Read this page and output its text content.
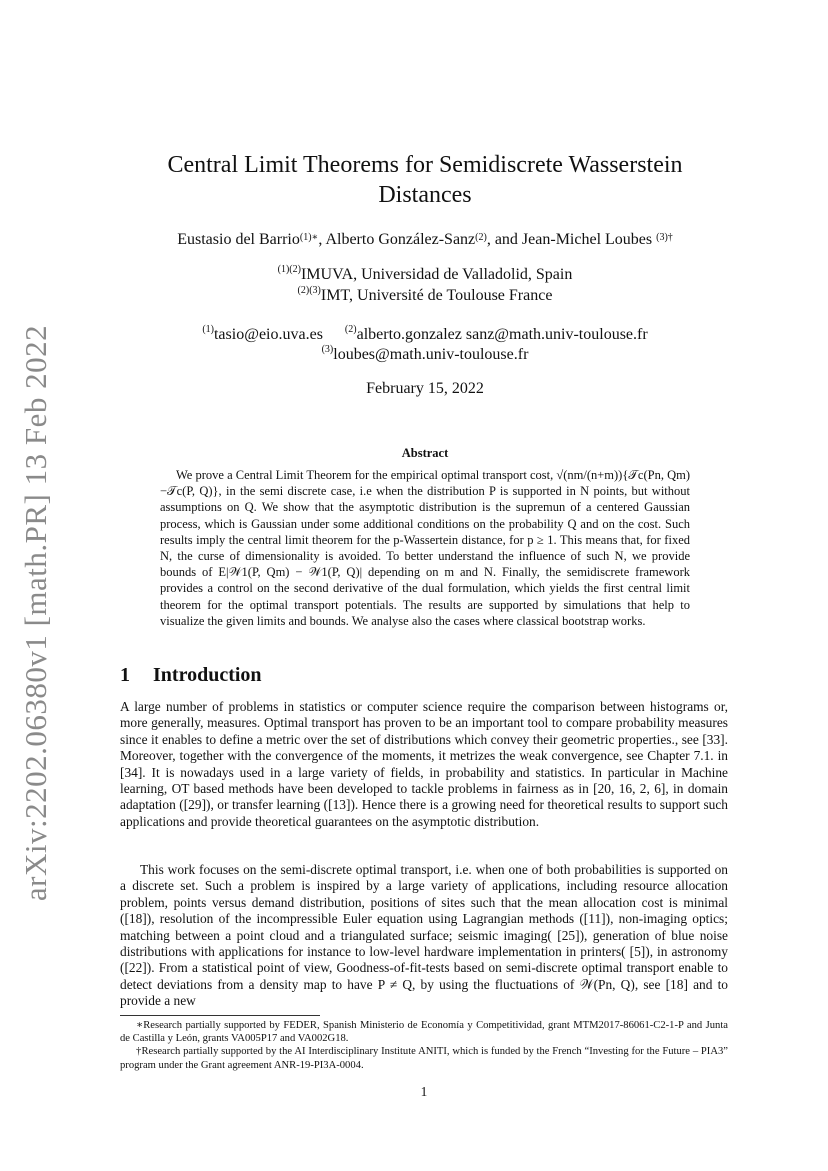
arXiv:2202.06380v1 [math.PR] 13 Feb 2022
Central Limit Theorems for Semidiscrete Wasserstein
Distances
Eustasio del Barrio$^{(1)∗}$, Alberto González-Sanz$^{(2)}$, and Jean-Michel Loubes $^{(3)\dagger}$
$^{(1)(2)}$IMUVA, Universidad de Valladolid, Spain
$^{(2)(3)}$IMT, Université de Toulouse France
$^{(1)}$tasio@eio.uva.es $^{(2)}$alberto.gonzalez sanz@math.univ-toulouse.fr
$^{(3)}$loubes@math.univ-toulouse.fr
February 15, 2022
Abstract
We prove a Central Limit Theorem for the empirical optimal transport cost, √(nm/(n+m)){𝒯c(Pn, Qm)−𝒯c(P, Q)}, in the semi discrete case, i.e when the distribution P is supported in N points, but without assumptions on Q. We show that the asymptotic distribution is the supremun of a centered Gaussian process, which is Gaussian under some additional conditions on the probability Q and on the cost. Such results imply the central limit theorem for the p-Wassertein distance, for p ≥ 1. This means that, for fixed N, the curse of dimensionality is avoided. To better understand the influence of such N, we provide bounds of E|𝒲1(P, Qm) − 𝒲1(P, Q)| depending on m and N. Finally, the semidiscrete framework provides a control on the second derivative of the dual formulation, which yields the first central limit theorem for the optimal transport potentials. The results are supported by simulations that help to visualize the given limits and bounds. We analyse also the cases where classical bootstrap works.
1 Introduction
A large number of problems in statistics or computer science require the comparison between histograms or, more generally, measures. Optimal transport has proven to be an important tool to compare probability measures since it enables to define a metric over the set of distributions which convey their geometric properties., see [33]. Moreover, together with the convergence of the moments, it metrizes the weak convergence, see Chapter 7.1. in [34]. It is nowadays used in a large variety of fields, in probability and statistics. In particular in Machine learning, OT based methods have been developed to tackle problems in fairness as in [20, 16, 2, 6], in domain adaptation ([29]), or transfer learning ([13]). Hence there is a growing need for theoretical results to support such applications and provide theoretical guarantees on the asymptotic distribution.
This work focuses on the semi-discrete optimal transport, i.e. when one of both probabilities is supported on a discrete set. Such a problem is inspired by a large variety of applications, including resource allocation problem, points versus demand distribution, positions of sites such that the mean allocation cost is minimal ([18]), resolution of the incompressible Euler equation using Lagrangian methods ([11]), non-imaging optics; matching between a point cloud and a triangulated surface; seismic imaging( [25]), generation of blue noise distributions with applications for instance to low-level hardware implementation in printers( [5]), in astronomy ([22]). From a statistical point of view, Goodness-of-fit-tests based on semi-discrete optimal transport enable to detect deviations from a density map to have P ≠ Q, by using the fluctuations of 𝒲(Pn, Q), see [18] and to provide a new

∗Research partially supported by FEDER, Spanish Ministerio de Economía y Competitividad, grant MTM2017-86061-C2-1-P and Junta de Castilla y León, grants VA005P17 and VA002G18.

†Research partially supported by the AI Interdisciplinary Institute ANITI, which is funded by the French “Investing for the Future – PIA3” program under the Grant agreement ANR-19-PI3A-0004.

1
